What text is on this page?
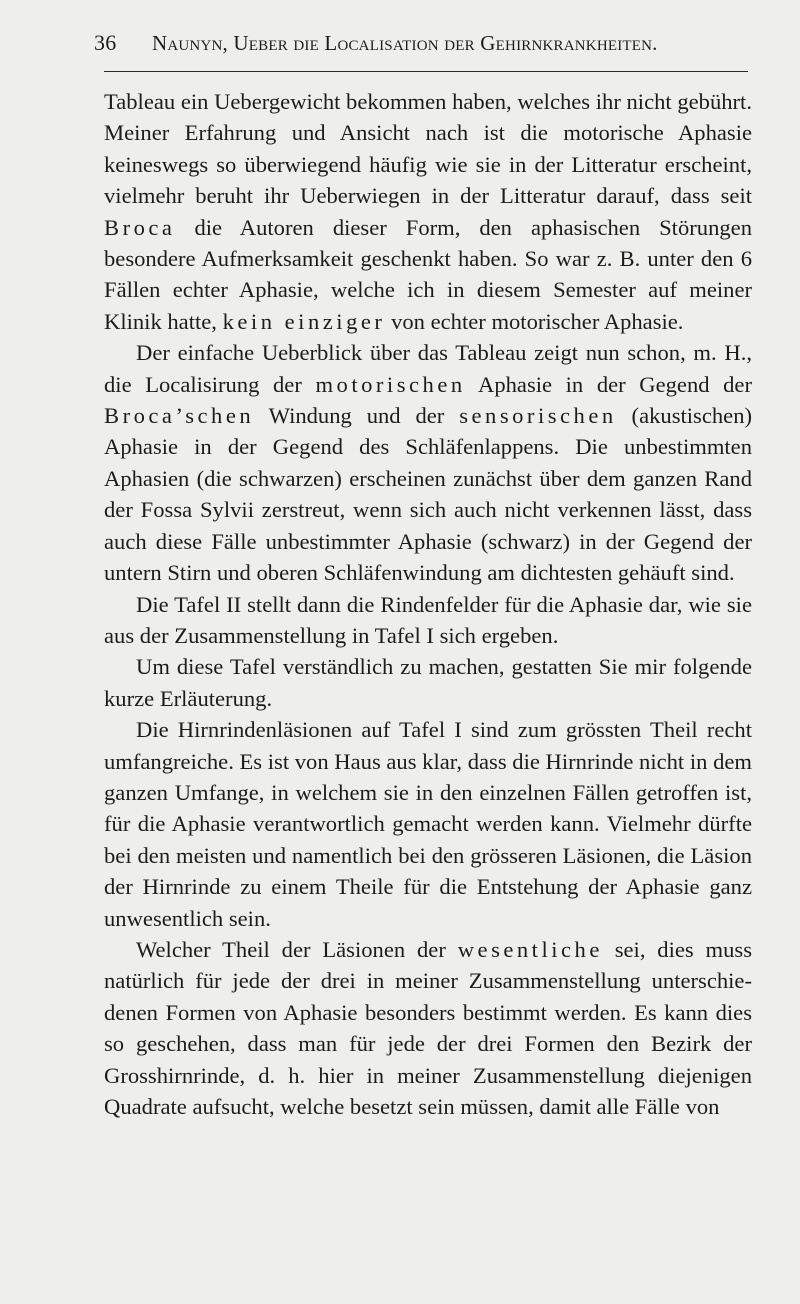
36 Naunyn, Ueber die Localisation der Gehirnkrankheiten.

Tableau ein Uebergewicht bekommen haben, welches ihr nicht gebührt. Meiner Erfahrung und Ansicht nach ist die motorische Aphasie keineswegs so überwiegend häufig wie sie in der Litteratur erscheint, vielmehr beruht ihr Ueberwiegen in der Litteratur darauf, dass seit Broca die Autoren dieser Form, den aphasischen Störungen besondere Aufmerksamkeit geschenkt haben. So war z. B. unter den 6 Fällen echter Aphasie, welche ich in diesem Semester auf meiner Klinik hatte, kein einziger von echter motorischer Aphasie.

Der einfache Ueberblick über das Tableau zeigt nun schon, m. H., die Localisirung der motorischen Aphasie in der Gegend der Broca’schen Windung und der sensorischen (akustischen) Aphasie in der Gegend des Schläfenlappens. Die unbestimmten Aphasien (die schwarzen) erscheinen zunächst über dem ganzen Rand der Fossa Sylvii zerstreut, wenn sich auch nicht verkennen lässt, dass auch diese Fälle unbestimmter Aphasie (schwarz) in der Gegend der untern Stirn und oberen Schläfenwindung am dichtesten gehäuft sind.

Die Tafel II stellt dann die Rindenfelder für die Aphasie dar, wie sie aus der Zusammenstellung in Tafel I sich ergeben.

Um diese Tafel verständlich zu machen, gestatten Sie mir folgende kurze Erläuterung.

Die Hirnrindenläsionen auf Tafel I sind zum grössten Theil recht umfangreiche. Es ist von Haus aus klar, dass die Hirnrinde nicht in dem ganzen Umfange, in welchem sie in den einzelnen Fällen getroffen ist, für die Aphasie verantwortlich gemacht werden kann. Vielmehr dürfte bei den meisten und namentlich bei den grösseren Läsionen, die Läsion der Hirnrinde zu einem Theile für die Entstehung der Aphasie ganz unwesentlich sein.

Welcher Theil der Läsionen der wesentliche sei, dies muss natürlich für jede der drei in meiner Zusammenstellung unterschiedenen Formen von Aphasie besonders bestimmt werden. Es kann dies so geschehen, dass man für jede der drei Formen den Bezirk der Grosshirnrinde, d. h. hier in meiner Zusammenstellung diejenigen Quadrate aufsucht, welche besetzt sein müssen, damit alle Fälle von
